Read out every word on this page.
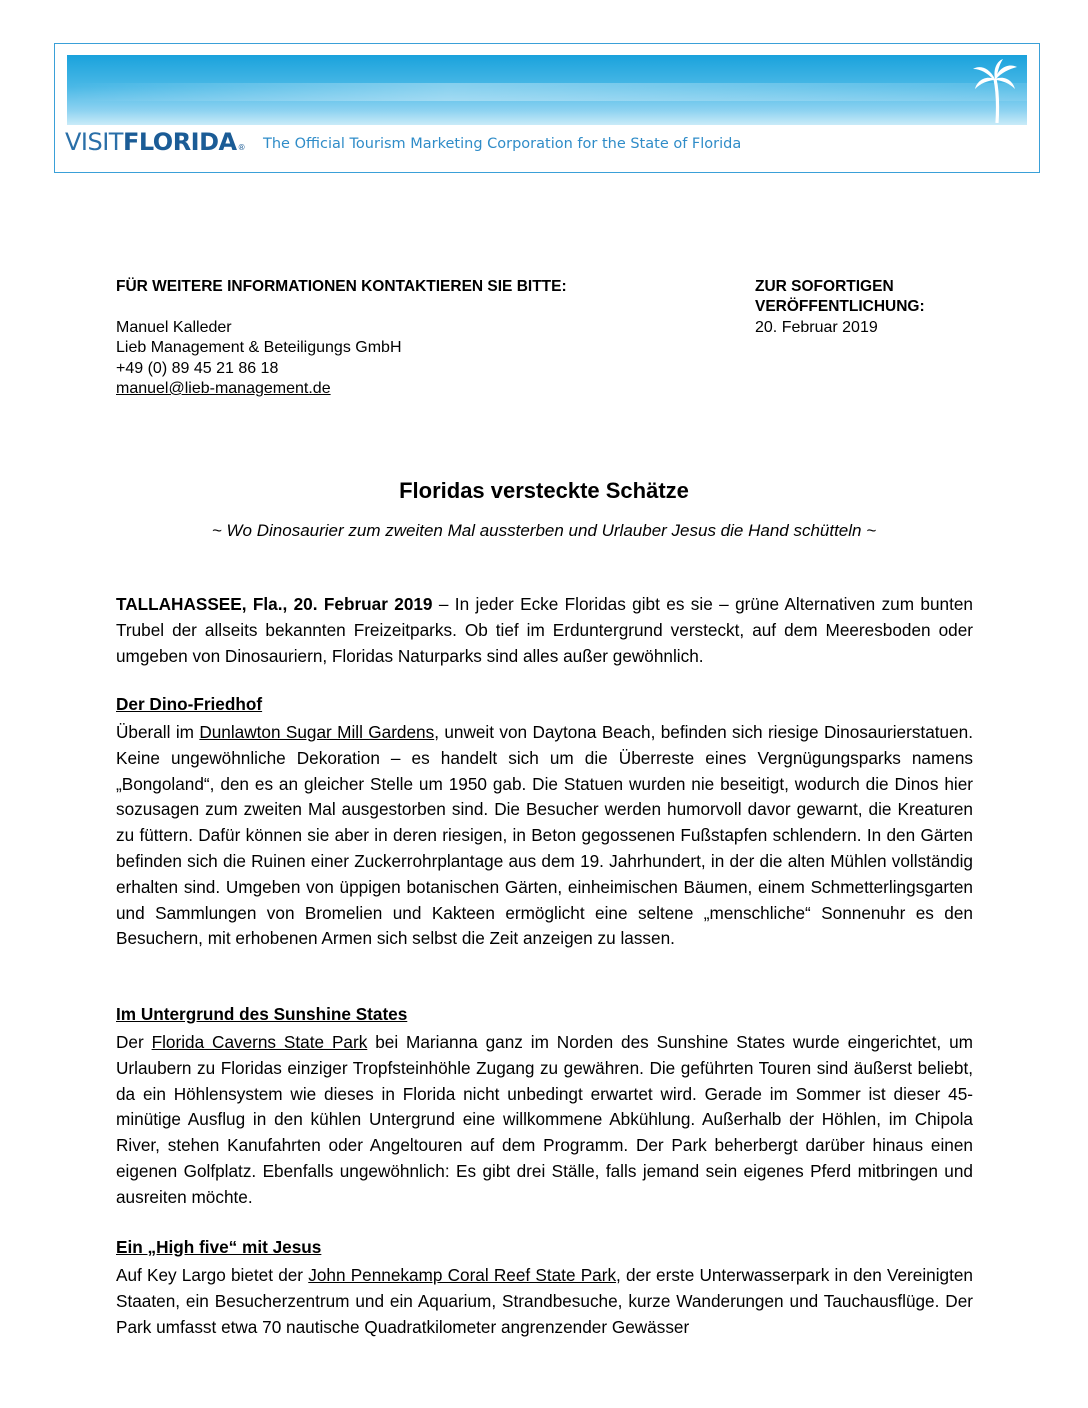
VISIT FLORIDA ® The Official Tourism Marketing Corporation for the State of Florida
FÜR WEITERE INFORMATIONEN KONTAKTIEREN SIE BITTE:
Manuel Kalleder
Lieb Management & Beteiligungs GmbH
+49 (0) 89 45 21 86 18
manuel@lieb-management.de
ZUR SOFORTIGEN
VERÖFFENTLICHUNG:
20. Februar 2019
Floridas versteckte Schätze
~ Wo Dinosaurier zum zweiten Mal aussterben und Urlauber Jesus die Hand schütteln ~
TALLAHASSEE, Fla., 20. Februar 2019 – In jeder Ecke Floridas gibt es sie – grüne Alternativen zum bunten Trubel der allseits bekannten Freizeitparks. Ob tief im Erduntergrund versteckt, auf dem Meeresboden oder umgeben von Dinosauriern, Floridas Naturparks sind alles außer gewöhnlich.
Der Dino-Friedhof
Überall im Dunlawton Sugar Mill Gardens, unweit von Daytona Beach, befinden sich riesige Dinosaurierstatuen. Keine ungewöhnliche Dekoration – es handelt sich um die Überreste eines Vergnügungsparks namens „Bongoland“, den es an gleicher Stelle um 1950 gab. Die Statuen wurden nie beseitigt, wodurch die Dinos hier sozusagen zum zweiten Mal ausgestorben sind. Die Besucher werden humorvoll davor gewarnt, die Kreaturen zu füttern. Dafür können sie aber in deren riesigen, in Beton gegossenen Fußstapfen schlendern. In den Gärten befinden sich die Ruinen einer Zuckerrohrplantage aus dem 19. Jahrhundert, in der die alten Mühlen vollständig erhalten sind. Umgeben von üppigen botanischen Gärten, einheimischen Bäumen, einem Schmetterlingsgarten und Sammlungen von Bromelien und Kakteen ermöglicht eine seltene „menschliche“ Sonnenuhr es den Besuchern, mit erhobenen Armen sich selbst die Zeit anzeigen zu lassen.
Im Untergrund des Sunshine States
Der Florida Caverns State Park bei Marianna ganz im Norden des Sunshine States wurde eingerichtet, um Urlaubern zu Floridas einziger Tropfsteinhöhle Zugang zu gewähren. Die geführten Touren sind äußerst beliebt, da ein Höhlensystem wie dieses in Florida nicht unbedingt erwartet wird. Gerade im Sommer ist dieser 45-minütige Ausflug in den kühlen Untergrund eine willkommene Abkühlung. Außerhalb der Höhlen, im Chipola River, stehen Kanufahrten oder Angeltouren auf dem Programm. Der Park beherbergt darüber hinaus einen eigenen Golfplatz. Ebenfalls ungewöhnlich: Es gibt drei Ställe, falls jemand sein eigenes Pferd mitbringen und ausreiten möchte.
Ein „High five“ mit Jesus
Auf Key Largo bietet der John Pennekamp Coral Reef State Park, der erste Unterwasserpark in den Vereinigten Staaten, ein Besucherzentrum und ein Aquarium, Strandbesuche, kurze Wanderungen und Tauchausflüge. Der Park umfasst etwa 70 nautische Quadratkilometer angrenzender Gewässer
